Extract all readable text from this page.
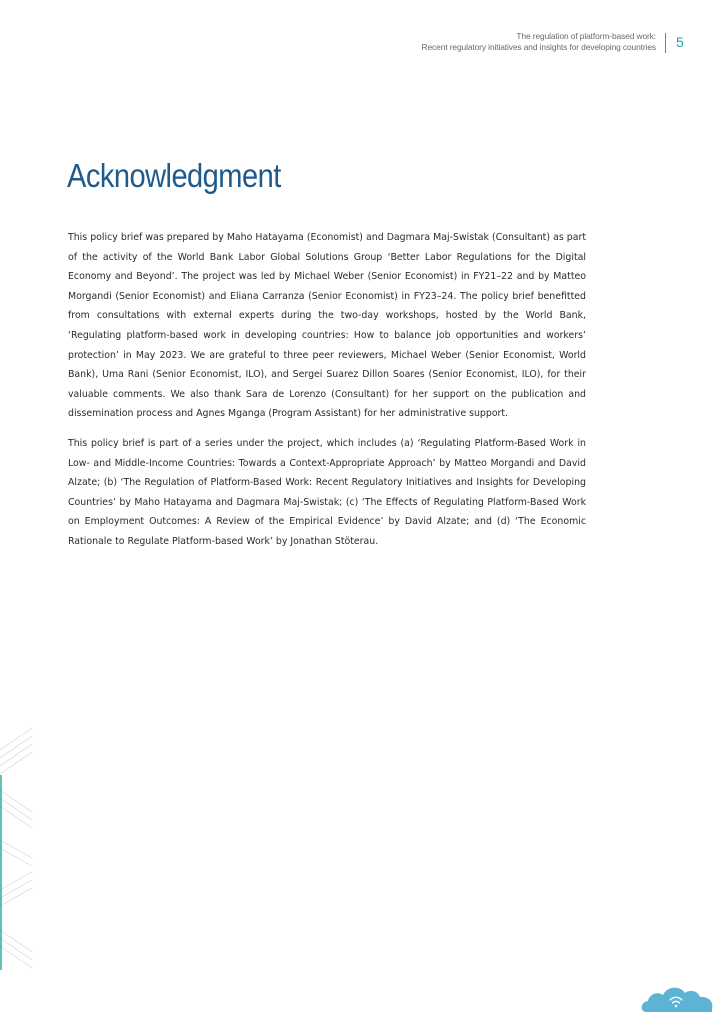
The regulation of platform-based work:
Recent regulatory initiatives and insights for developing countries 5
Acknowledgment

This policy brief was prepared by Maho Hatayama (Economist) and Dagmara Maj-Swistak (Consultant) as part of the activity of the World Bank Labor Global Solutions Group ‘Better Labor Regulations for the Digital Economy and Beyond’. The project was led by Michael Weber (Senior Economist) in FY21–22 and by Matteo Morgandi (Senior Economist) and Eliana Carranza (Senior Economist) in FY23–24. The policy brief benefitted from consultations with external experts during the two-day workshops, hosted by the World Bank, ‘Regulating platform-based work in developing countries: How to balance job opportunities and workers’ protection’ in May 2023. We are grateful to three peer reviewers, Michael Weber (Senior Economist, World Bank), Uma Rani (Senior Economist, ILO), and Sergei Suarez Dillon Soares (Senior Economist, ILO), for their valuable comments. We also thank Sara de Lorenzo (Consultant) for her support on the publication and dissemination process and Agnes Mganga (Program Assistant) for her administrative support.

This policy brief is part of a series under the project, which includes (a) ‘Regulating Platform-Based Work in Low- and Middle-Income Countries: Towards a Context-Appropriate Approach’ by Matteo Morgandi and David Alzate; (b) ‘The Regulation of Platform-Based Work: Recent Regulatory Initiatives and Insights for Developing Countries’ by Maho Hatayama and Dagmara Maj-Swistak; (c) ‘The Effects of Regulating Platform-Based Work on Employment Outcomes: A Review of the Empirical Evidence’ by David Alzate; and (d) ‘The Economic Rationale to Regulate Platform-based Work’ by Jonathan Stöterau.
